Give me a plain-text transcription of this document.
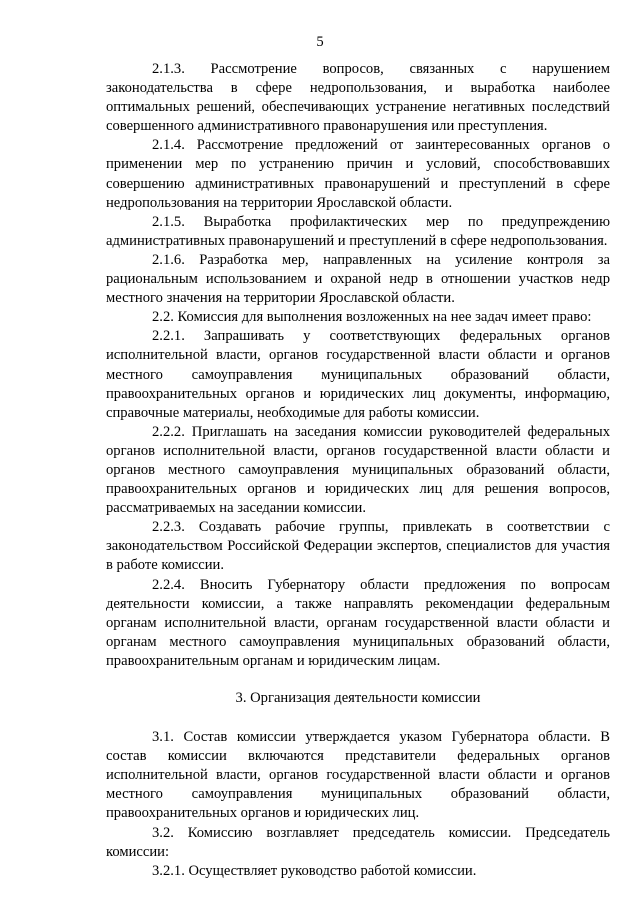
5

2.1.3. Рассмотрение вопросов, связанных с нарушением законодательства в сфере недропользования, и выработка наиболее оптимальных решений, обеспечивающих устранение негативных последствий совершенного административного правонарушения или преступления.

2.1.4. Рассмотрение предложений от заинтересованных органов о применении мер по устранению причин и условий, способствовавших совершению административных правонарушений и преступлений в сфере недропользования на территории Ярославской области.

2.1.5. Выработка профилактических мер по предупреждению административных правонарушений и преступлений в сфере недропользования.

2.1.6. Разработка мер, направленных на усиление контроля за рациональным использованием и охраной недр в отношении участков недр местного значения на территории Ярославской области.

2.2. Комиссия для выполнения возложенных на нее задач имеет право:

2.2.1. Запрашивать у соответствующих федеральных органов исполнительной власти, органов государственной власти области и органов местного самоуправления муниципальных образований области, правоохранительных органов и юридических лиц документы, информацию, справочные материалы, необходимые для работы комиссии.

2.2.2. Приглашать на заседания комиссии руководителей федеральных органов исполнительной власти, органов государственной власти области и органов местного самоуправления муниципальных образований области, правоохранительных органов и юридических лиц для решения вопросов, рассматриваемых на заседании комиссии.

2.2.3. Создавать рабочие группы, привлекать в соответствии с законодательством Российской Федерации экспертов, специалистов для участия в работе комиссии.

2.2.4. Вносить Губернатору области предложения по вопросам деятельности комиссии, а также направлять рекомендации федеральным органам исполнительной власти, органам государственной власти области и органам местного самоуправления муниципальных образований области, правоохранительным органам и юридическим лицам.

3. Организация деятельности комиссии

3.1. Состав комиссии утверждается указом Губернатора области. В состав комиссии включаются представители федеральных органов исполнительной власти, органов государственной власти области и органов местного самоуправления муниципальных образований области, правоохранительных органов и юридических лиц.

3.2. Комиссию возглавляет председатель комиссии. Председатель комиссии:

3.2.1. Осуществляет руководство работой комиссии.
